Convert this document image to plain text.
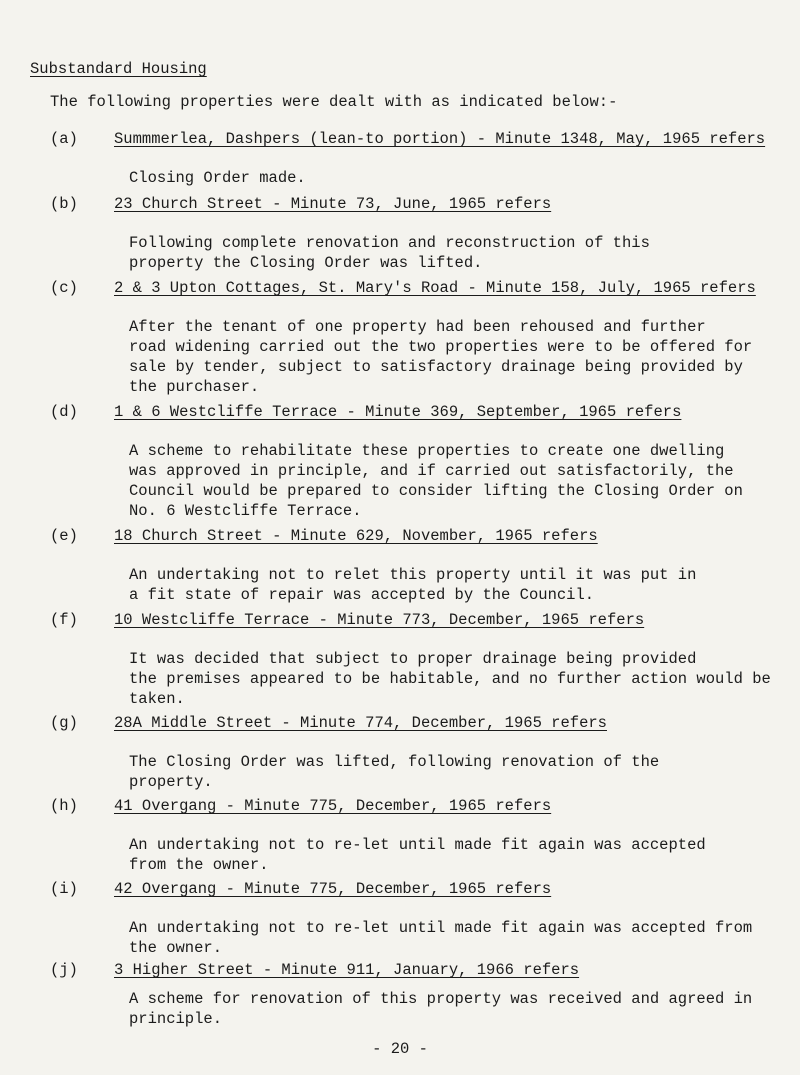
Substandard Housing
The following properties were dealt with as indicated below:-
(a) Summmerlea, Dashpers (lean-to portion) - Minute 1348, May, 1965 refers
Closing Order made.
(b) 23 Church Street - Minute 73, June, 1965 refers
Following complete renovation and reconstruction of this
property the Closing Order was lifted.
(c) 2 & 3 Upton Cottages, St. Mary's Road - Minute 158, July, 1965 refers
After the tenant of one property had been rehoused and further
road widening carried out the two properties were to be offered for
sale by tender, subject to satisfactory drainage being provided by
the purchaser.
(d) 1 & 6 Westcliffe Terrace - Minute 369, September, 1965 refers
A scheme to rehabilitate these properties to create one dwelling
was approved in principle, and if carried out satisfactorily, the
Council would be prepared to consider lifting the Closing Order on
No. 6 Westcliffe Terrace.
(e) 18 Church Street - Minute 629, November, 1965 refers
An undertaking not to relet this property until it was put in
a fit state of repair was accepted by the Council.
(f) 10 Westcliffe Terrace - Minute 773, December, 1965 refers
It was decided that subject to proper drainage being provided
the premises appeared to be habitable, and no further action would be
taken.
(g) 28A Middle Street - Minute 774, December, 1965 refers
The Closing Order was lifted, following renovation of the
property.
(h) 41 Overgang - Minute 775, December, 1965 refers
An undertaking not to re-let until made fit again was accepted
from the owner.
(i) 42 Overgang - Minute 775, December, 1965 refers
An undertaking not to re-let until made fit again was accepted from
the owner.
(j) 3 Higher Street - Minute 911, January, 1966 refers
A scheme for renovation of this property was received and agreed in
principle.
- 20 -
